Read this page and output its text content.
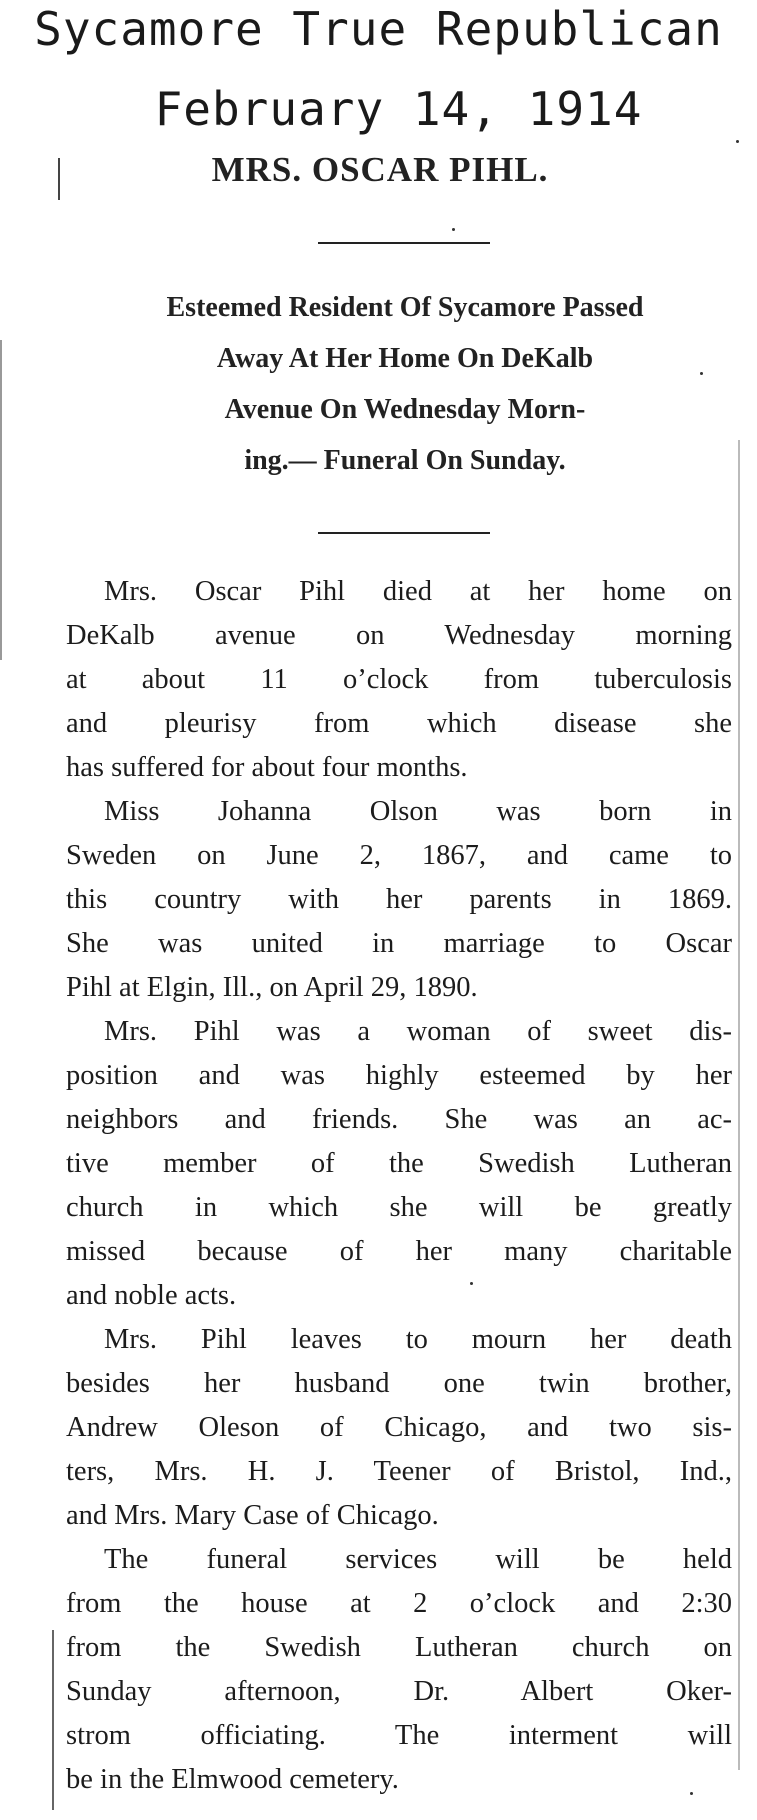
Sycamore True Republican
February 14, 1914
MRS. OSCAR PIHL.
Esteemed Resident Of Sycamore Passed
Away At Her Home On DeKalb
Avenue On Wednesday Morn-
ing.— Funeral On Sunday.
Mrs. Oscar Pihl died at her home on
DeKalb avenue on Wednesday morning
at about 11 o’clock from tuberculosis
and pleurisy from which disease she
has suffered for about four months.
Miss Johanna Olson was born in
Sweden on June 2, 1867, and came to
this country with her parents in 1869.
She was united in marriage to Oscar
Pihl at Elgin, Ill., on April 29, 1890.
Mrs. Pihl was a woman of sweet dis-
position and was highly esteemed by her
neighbors and friends. She was an ac-
tive member of the Swedish Lutheran
church in which she will be greatly
missed because of her many charitable
and noble acts.
Mrs. Pihl leaves to mourn her death
besides her husband one twin brother,
Andrew Oleson of Chicago, and two sis-
ters, Mrs. H. J. Teener of Bristol, Ind.,
and Mrs. Mary Case of Chicago.
The funeral services will be held
from the house at 2 o’clock and 2:30
from the Swedish Lutheran church on
Sunday afternoon, Dr. Albert Oker-
strom officiating. The interment will
be in the Elmwood cemetery.
